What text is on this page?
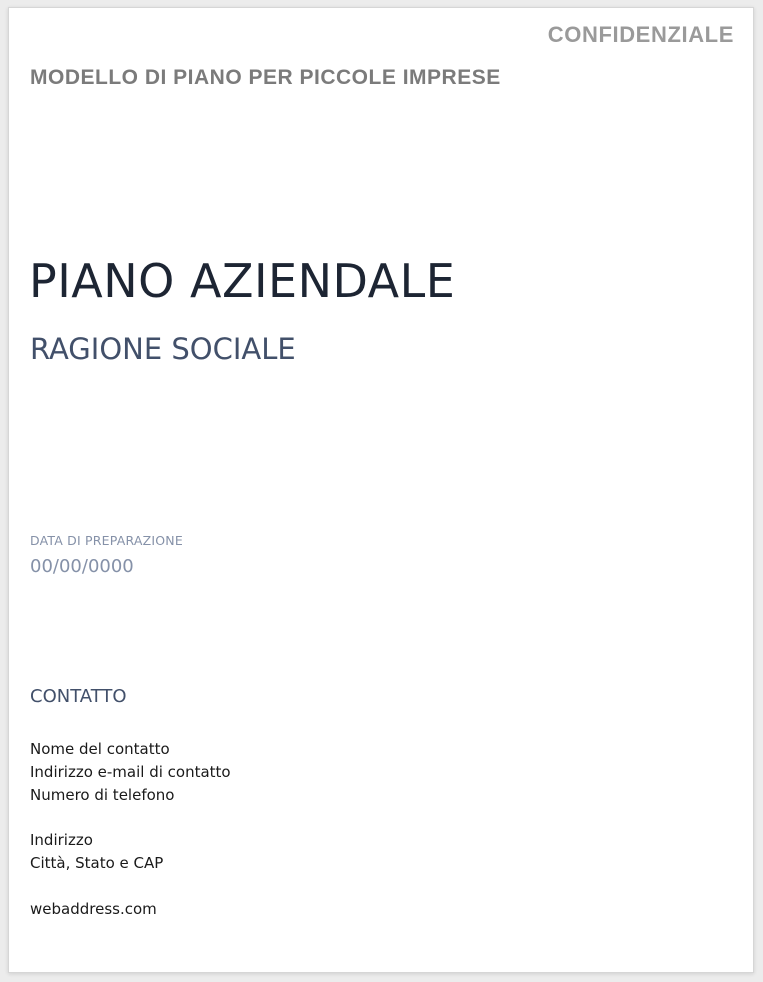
CONFIDENZIALE
MODELLO DI PIANO PER PICCOLE IMPRESE
PIANO AZIENDALE
RAGIONE SOCIALE
DATA DI PREPARAZIONE
00/00/0000
CONTATTO
Nome del contatto
Indirizzo e-mail di contatto
Numero di telefono
Indirizzo
Città, Stato e CAP
webaddress.com
